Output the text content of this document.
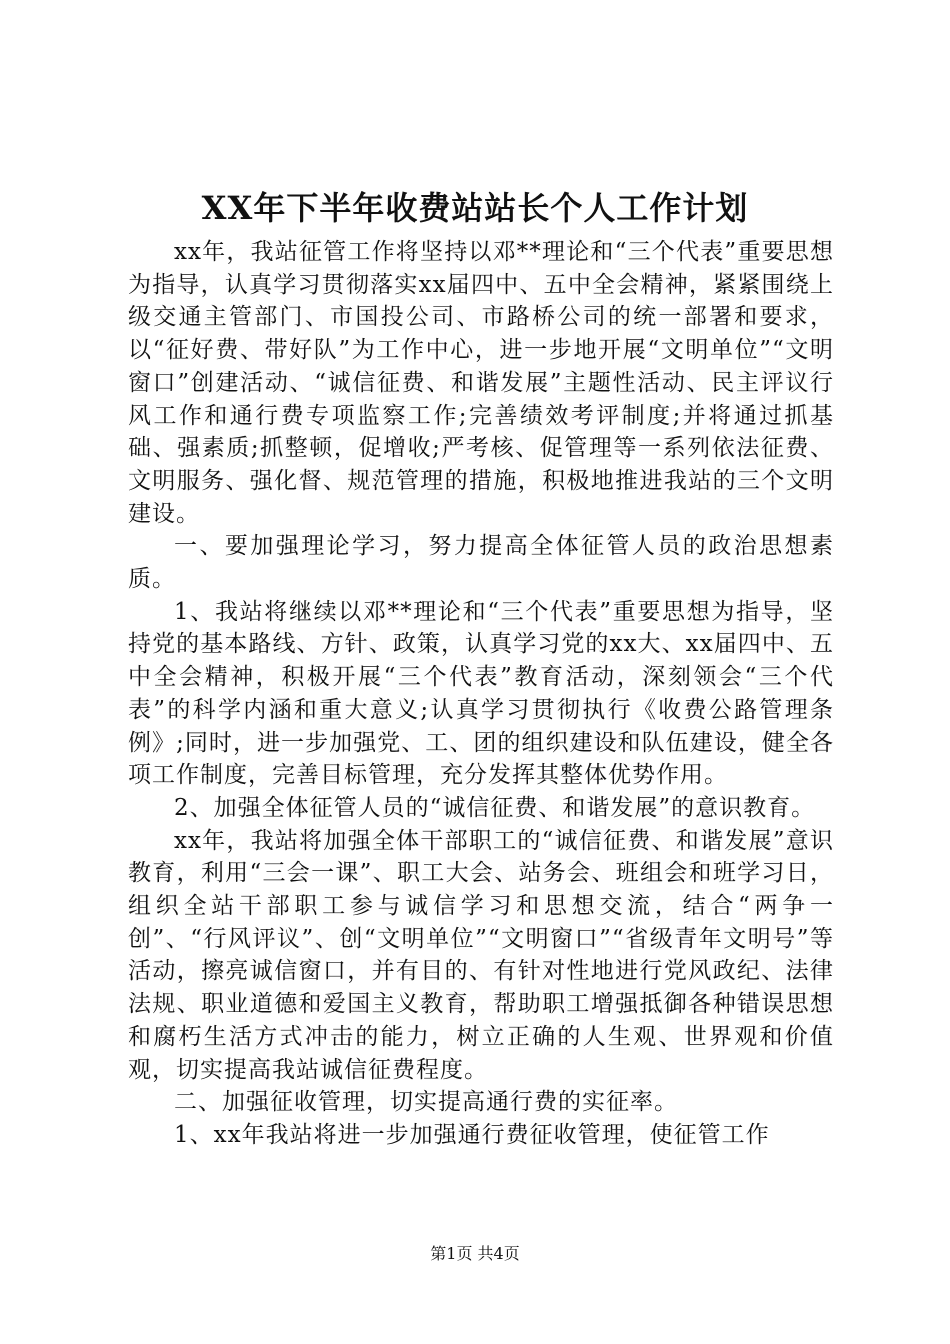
XX年下半年收费站站长个人工作计划

xx年，我站征管工作将坚持以邓**理论和“三个代表”重要思想为指导，认真学习贯彻落实xx届四中、五中全会精神，紧紧围绕上级交通主管部门、市国投公司、市路桥公司的统一部署和要求，以“征好费、带好队”为工作中心，进一步地开展“文明单位”“文明窗口”创建活动、“诚信征费、和谐发展”主题性活动、民主评议行风工作和通行费专项监察工作;完善绩效考评制度;并将通过抓基础、强素质;抓整顿，促增收;严考核、促管理等一系列依法征费、文明服务、强化督、规范管理的措施，积极地推进我站的三个文明建设。

一、要加强理论学习，努力提高全体征管人员的政治思想素质。

1、我站将继续以邓**理论和“三个代表”重要思想为指导，坚持党的基本路线、方针、政策，认真学习党的xx大、xx届四中、五中全会精神，积极开展“三个代表”教育活动，深刻领会“三个代表”的科学内涵和重大意义;认真学习贯彻执行《收费公路管理条例》;同时，进一步加强党、工、团的组织建设和队伍建设，健全各项工作制度，完善目标管理，充分发挥其整体优势作用。

2、加强全体征管人员的“诚信征费、和谐发展”的意识教育。

xx年，我站将加强全体干部职工的“诚信征费、和谐发展”意识教育，利用“三会一课”、职工大会、站务会、班组会和班学习日，组织全站干部职工参与诚信学习和思想交流，结合“两争一创”、“行风评议”、创“文明单位”“文明窗口”“省级青年文明号”等活动，擦亮诚信窗口，并有目的、有针对性地进行党风政纪、法律法规、职业道德和爱国主义教育，帮助职工增强抵御各种错误思想和腐朽生活方式冲击的能力，树立正确的人生观、世界观和价值观，切实提高我站诚信征费程度。

二、加强征收管理，切实提高通行费的实征率。

1、xx年我站将进一步加强通行费征收管理，使征管工作

第1页 共4页
